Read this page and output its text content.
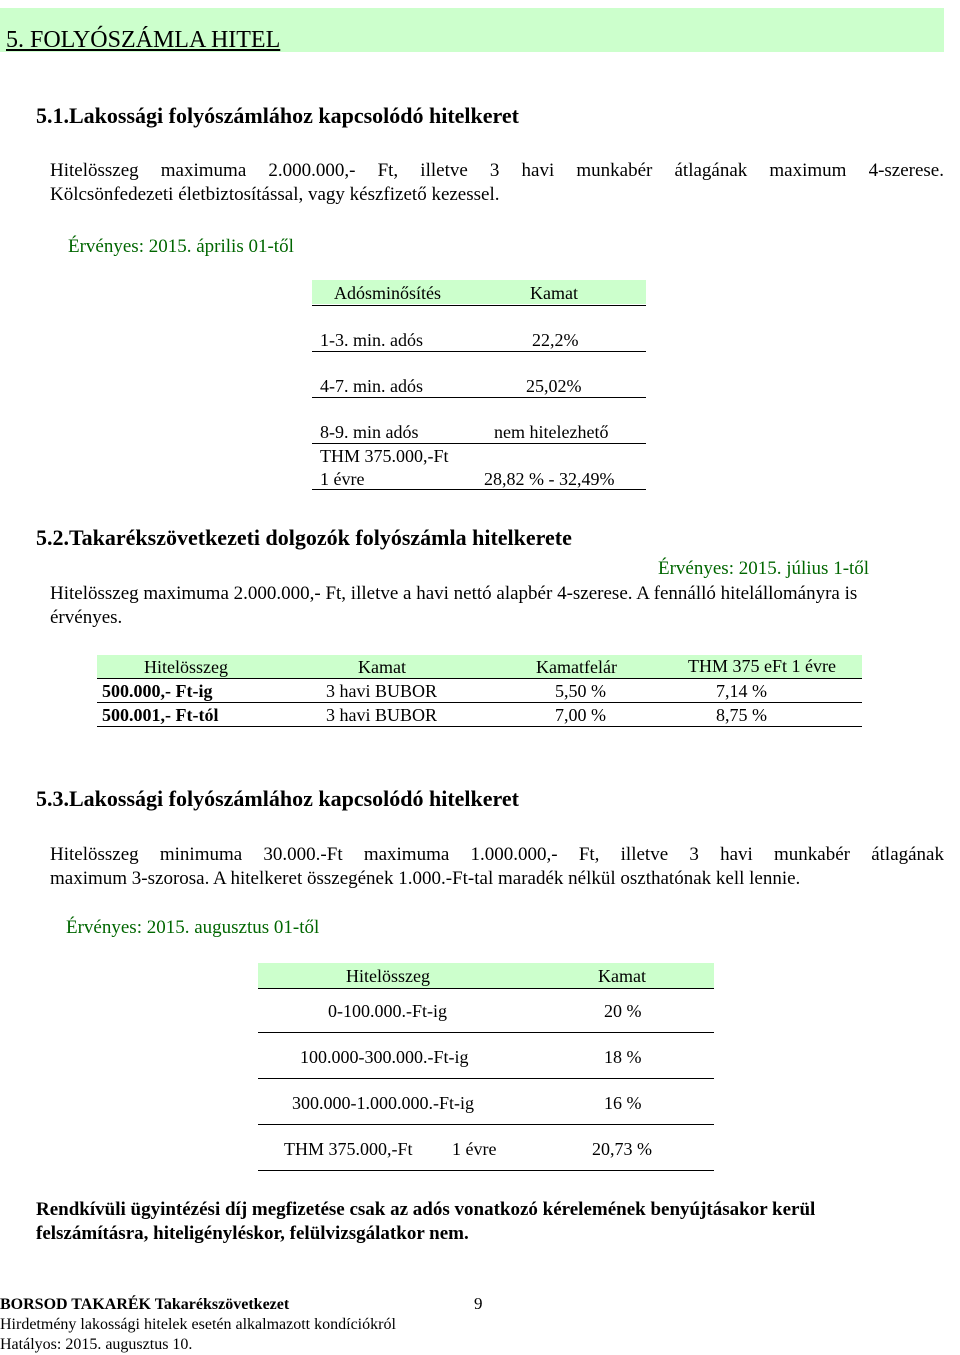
5. FOLYÓSZÁMLA HITEL
5.1.Lakossági folyószámlához kapcsolódó hitelkeret
Hitelösszeg maximuma 2.000.000,- Ft, illetve 3 havi munkabér átlagának maximum 4-szerese.
Kölcsönfedezeti életbiztosítással, vagy készfizető kezessel.
Érvényes: 2015. április 01-től
Adósminősítés	Kamat
1-3. min. adós	22,2%
4-7. min. adós	25,02%
8-9. min adós	nem hitelezhető
THM 375.000,-Ft
1 évre	28,82 % - 32,49%
5.2.Takarékszövetkezeti dolgozók folyószámla hitelkerete
Érvényes: 2015. július 1-től
Hitelösszeg maximuma 2.000.000,- Ft, illetve a havi nettó alapbér 4-szerese. A fennálló hitelállományra is
érvényes.
Hitelösszeg	Kamat	Kamatfelár	THM 375 eFt 1 évre
500.000,- Ft-ig	3 havi BUBOR	5,50 %	7,14 %
500.001,- Ft-tól	3 havi BUBOR	7,00 %	8,75 %
5.3.Lakossági folyószámlához kapcsolódó hitelkeret
Hitelösszeg minimuma 30.000.-Ft maximuma 1.000.000,- Ft, illetve 3 havi munkabér átlagának
maximum 3-szorosa. A hitelkeret összegének 1.000.-Ft-tal maradék nélkül oszthatónak kell lennie.
Érvényes: 2015. augusztus 01-től
Hitelösszeg	Kamat
0-100.000.-Ft-ig	20 %
100.000-300.000.-Ft-ig	18 %
300.000-1.000.000.-Ft-ig	16 %
THM 375.000,-Ft 1 évre	20,73 %
Rendkívüli ügyintézési díj megfizetése csak az adós vonatkozó kérelemének benyújtásakor kerül
felszámításra, hiteligényléskor, felülvizsgálatkor nem.
BORSOD TAKARÉK Takarékszövetkezet	9
Hirdetmény lakossági hitelek esetén alkalmazott kondíciókról
Hatályos: 2015. augusztus 10.
